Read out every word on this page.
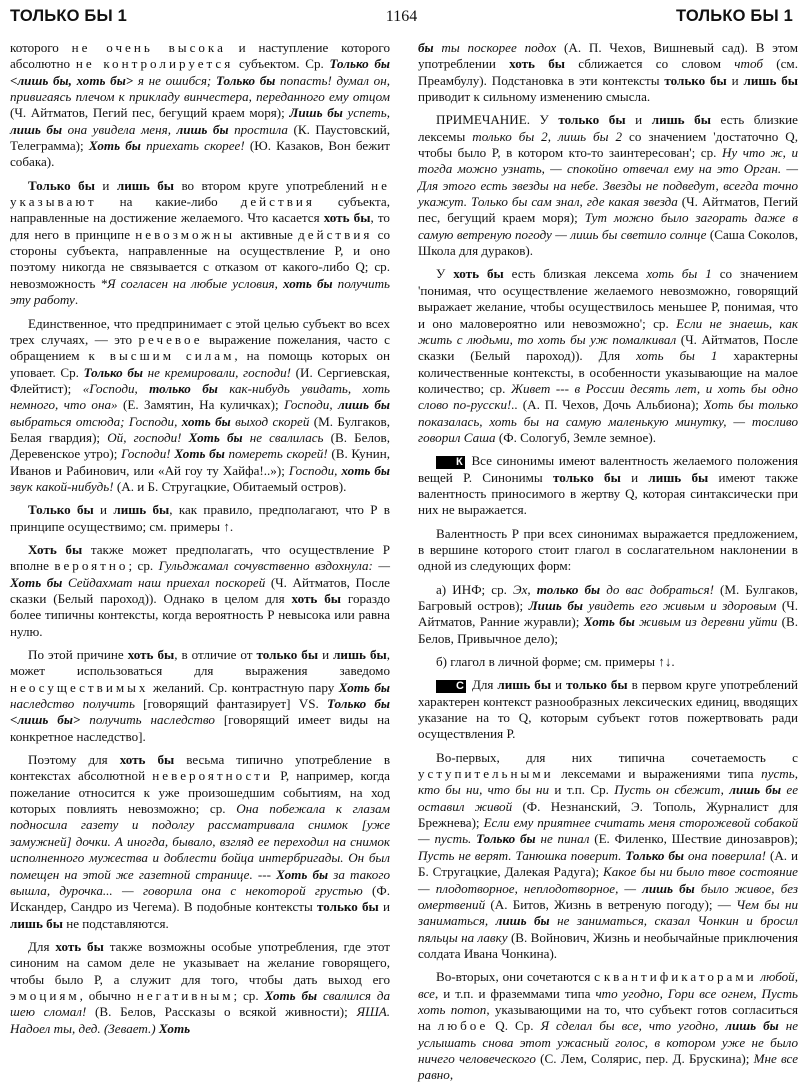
ТОЛЬКО БЫ 1	1164	ТОЛЬКО БЫ 1

которого не очень высока и наступление которого абсолютно не контролируется субъектом. Ср. Только бы <лишь бы, хоть бы> я не ошибся; Только бы попасть! думал он, привигаясь плечом к прикладу винчестера, переданного ему отцом (Ч. Айтматов, Пегий пес, бегущий краем моря); Лишь бы успеть, лишь бы она увидела меня, лишь бы простила (К. Паустовский, Телеграмма); Хоть бы приехать скорее! (Ю. Казаков, Вон бежит собака).

Только бы и лишь бы во втором круге употреблений не указывают на какие-либо действия субъекта, направленные на достижение желаемого. Что касается хоть бы, то для него в принципе невозможны активные действия со стороны субъекта, направленные на осуществление Р, и оно поэтому никогда не связывается с отказом от какого-либо Q; ср. невозможность *Я согласен на любые условия, хоть бы получить эту работу.

Единственное, что предпринимает с этой целью субъект во всех трех случаях, — это речевое выражение пожелания, часто с обращением к высшим силам, на помощь которых он уповает. Ср. Только бы не кремировали, господи! (И. Сергиевская, Флейтист); «Господи, только бы как-нибудь увидать, хоть немного, что она» (Е. Замятин, На куличках); Господи, лишь бы выбраться отсюда; Господи, хоть бы выход скорей (М. Булгаков, Белая гвардия); Ой, господи! Хоть бы не свалилась (В. Белов, Деревенское утро); Господи! Хоть бы помереть скорей! (В. Кунин, Иванов и Рабинович, или «Ай гоу ту Хайфа!..»); Господи, хоть бы звук какой-нибудь! (А. и Б. Стругацкие, Обитаемый остров).

Только бы и лишь бы, как правило, предполагают, что Р в принципе осуществимо; см. примеры ↑.

Хоть бы также может предполагать, что осуществление Р вполне вероятно; ср. Гульджамал сочувственно вздохнула: — Хоть бы Сейдахмат наш приехал поскорей (Ч. Айтматов, После сказки (Белый пароход)). Однако в целом для хоть бы гораздо более типичны контексты, когда вероятность Р невысока или равна нулю.

По этой причине хоть бы, в отличие от только бы и лишь бы, может использоваться для выражения заведомо неосуществимых желаний. Ср. контрастную пару Хоть бы наследство получить [говорящий фантазирует] VS. Только бы <лишь бы> получить наследство [говорящий имеет виды на конкретное наследство].

Поэтому для хоть бы весьма типично употребление в контекстах абсолютной невероятности Р, например, когда пожелание относится к уже произошедшим событиям, на ход которых повлиять невозможно; ср. Она побежала к глазам подносила газету и подолгу рассматривала снимок [уже замужней] дочки. А иногда, бывало, взгляд ее переходил на снимок исполненного мужества и доблести бойца интербригады. Он был помещен на этой же газетной странице. --- Хоть бы за такого вышла, дурочка... — говорила она с некоторой грустью (Ф. Искандер, Сандро из Чегема). В подобные контексты только бы и лишь бы не подставляются.

Для хоть бы также возможны особые употребления, где этот синоним на самом деле не указывает на желание говорящего, чтобы было Р, а служит для того, чтобы дать выход его эмоциям, обычно негативным; ср. Хоть бы свалился да шею сломал! (В. Белов, Рассказы о всякой живности); ЯША. Надоел ты, дед. (Зевает.) Хоть

бы ты поскорее подох (А. П. Чехов, Вишневый сад). В этом употреблении хоть бы сближается со словом чтоб (см. Преамбулу). Подстановка в эти контексты только бы и лишь бы приводит к сильному изменению смысла.

ПРИМЕЧАНИЕ. У только бы и лишь бы есть близкие лексемы только бы 2, лишь бы 2 со значением 'достаточно Q, чтобы было Р, в котором кто-то заинтересован'; ср. Ну что ж, и тогда можно узнать, — спокойно отвечал ему на это Орган. — Для этого есть звезды на небе. Звезды не подведут, всегда точно укажут. Только бы сам знал, где какая звезда (Ч. Айтматов, Пегий пес, бегущий краем моря); Тут можно было загорать даже в самую ветреную погоду — лишь бы светило солнце (Саша Соколов, Школа для дураков).

У хоть бы есть близкая лексема хоть бы 1 со значением 'понимая, что осуществление желаемого невозможно, говорящий выражает желание, чтобы осуществилось меньшее Р, понимая, что и оно маловероятно или невозможно'; ср. Если не знаешь, как жить с людьми, то хоть бы уж помалкивал (Ч. Айтматов, После сказки (Белый пароход)). Для хоть бы 1 характерны количественные контексты, в особенности указывающие на малое количество; ср. Живет --- в России десять лет, и хоть бы одно слово по-русски!.. (А. П. Чехов, Дочь Альбиона); Хоть бы только показалась, хоть бы на самую маленькую минутку, — тосливо говорил Саша (Ф. Сологуб, Земле земное).

К Все синонимы имеют валентность желаемого положения вещей Р. Синонимы только бы и лишь бы имеют также валентность приносимого в жертву Q, которая синтаксически при них не выражается.

Валентность Р при всех синонимах выражается предложением, в вершине которого стоит глагол в сослагательном наклонении в одной из следующих форм:

а) ИНФ; ср. Эх, только бы до вас добраться! (М. Булгаков, Багровый остров); Лишь бы увидеть его живым и здоровым (Ч. Айтматов, Ранние журавли); Хоть бы живым из деревни уйти (В. Белов, Привычное дело);

б) глагол в личной форме; см. примеры ↑↓.

С Для лишь бы и только бы в первом круге употреблений характерен контекст разнообразных лексических единиц, вводящих указание на то Q, которым субъект готов пожертвовать ради осуществления Р.

Во-первых, для них типична сочетаемость с уступительными лексемами и выражениями типа пусть, кто бы ни, что бы ни и т.п. Ср. Пусть он сбежит, лишь бы ее оставил живой (Ф. Незнанский, Э. Тополь, Журналист для Брежнева); Если ему приятнее считать меня сторожевой собакой — пусть. Только бы не пинал (Е. Филенко, Шествие динозавров); Пусть не верят. Танюшка поверит. Только бы она поверила! (А. и Б. Стругацкие, Далекая Радуга); Какое бы ни было твое состояние — плодотворное, неплодотворное, — лишь бы было живое, без омертвений (А. Битов, Жизнь в ветреную погоду); — Чем бы ни заниматься, лишь бы не заниматься, сказал Чонкин и бросил пяльцы на лавку (В. Войнович, Жизнь и необычайные приключения солдата Ивана Чонкина).

Во-вторых, они сочетаются с квантификаторами любой, все, и т.п. и фраземмами типа что угодно, Гори все огнем, Пусть хоть потоп, указывающими на то, что субъект готов согласиться на любое Q. Ср. Я сделал бы все, что угодно, лишь бы не услышать снова этот ужасный голос, в котором уже не было ничего человеческого (С. Лем, Солярис, пер. Д. Брускина); Мне все равно,
